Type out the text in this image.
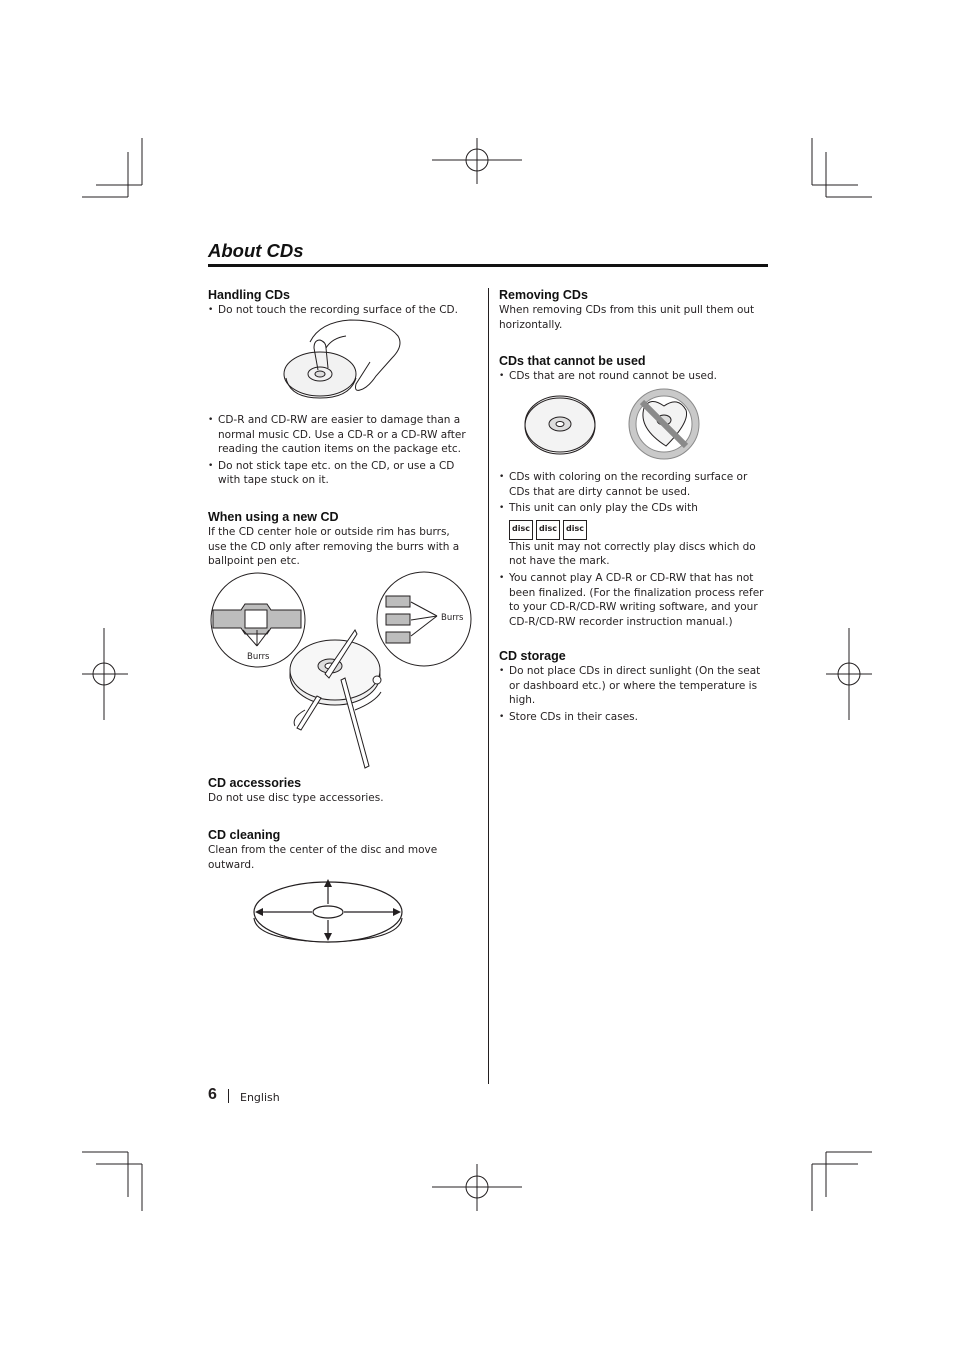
About CDs
Handling CDs
• Do not touch the recording surface of the CD.
• CD-R and CD-RW are easier to damage than a normal music CD. Use a CD-R or a CD-RW after reading the caution items on the package etc.
• Do not stick tape etc. on the CD, or use a CD with tape stuck on it.
When using a new CD
If the CD center hole or outside rim has burrs, use the CD only after removing the burrs with a ballpoint pen etc.
Burrs
Burrs
CD accessories
Do not use disc type accessories.
CD cleaning
Clean from the center of the disc and move outward.
Removing CDs
When removing CDs from this unit pull them out horizontally.
CDs that cannot be used
• CDs that are not round cannot be used.
• CDs with coloring on the recording surface or CDs that are dirty cannot be used.
• This unit can only play the CDs with
disc	disc	disc
This unit may not correctly play discs which do not have the mark.
• You cannot play A CD-R or CD-RW that has not been finalized. (For the finalization process refer to your CD-R/CD-RW writing software, and your CD-R/CD-RW recorder instruction manual.)
CD storage
• Do not place CDs in direct sunlight (On the seat or dashboard etc.) or where the temperature is high.
• Store CDs in their cases.
6 English
